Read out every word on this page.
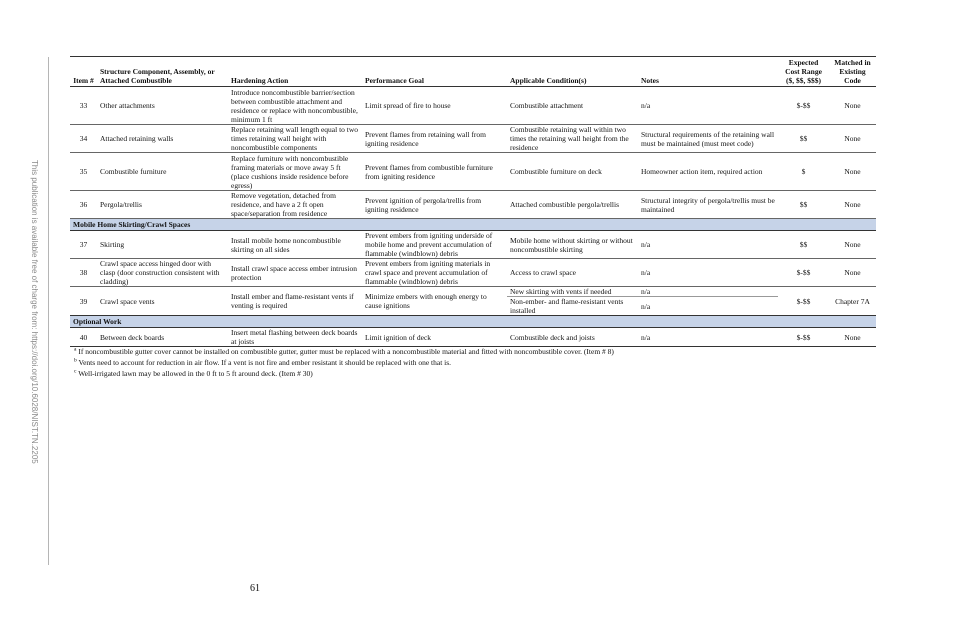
This publication is available free of charge from: https://doi.org/10.6028/NIST.TN.2205
Item #	Structure Component, Assembly, or Attached Combustible	Hardening Action	Performance Goal	Applicable Condition(s)	Notes	Expected Cost Range ($, $$, $$$)	Matched in Existing Code
33	Other attachments	Introduce noncombustible barrier/section between combustible attachment and residence or replace with noncombustible, minimum 1 ft	Limit spread of fire to house	Combustible attachment	n/a	$-$$	None
34	Attached retaining walls	Replace retaining wall length equal to two times retaining wall height with noncombustible components	Prevent flames from retaining wall from igniting residence	Combustible retaining wall within two times the retaining wall height from the residence	Structural requirements of the retaining wall must be maintained (must meet code)	$$	None
35	Combustible furniture	Replace furniture with noncombustible framing materials or move away 5 ft (place cushions inside residence before egress)	Prevent flames from combustible furniture from igniting residence	Combustible furniture on deck	Homeowner action item, required action	$	None
36	Pergola/trellis	Remove vegetation, detached from residence, and have a 2 ft open space/separation from residence	Prevent ignition of pergola/trellis from igniting residence	Attached combustible pergola/trellis	Structural integrity of pergola/trellis must be maintained	$$	None
Mobile Home Skirting/Crawl Spaces							
37	Skirting	Install mobile home noncombustible skirting on all sides	Prevent embers from igniting underside of mobile home and prevent accumulation of flammable (windblown) debris	Mobile home without skirting or without noncombustible skirting	n/a	$$	None
38	Crawl space access hinged door with clasp (door construction consistent with cladding)	Install crawl space access ember intrusion protection	Prevent embers from igniting materials in crawl space and prevent accumulation of flammable (windblown) debris	Access to crawl space	n/a	$-$$	None
39	Crawl space vents	Install ember and flame-resistant vents if venting is required	Minimize embers with enough energy to cause ignitions	New skirting with vents if needed	n/a	$-$$	Chapter 7A
				Non-ember- and flame-resistant vents installed	n/a		
Optional Work							
40	Between deck boards	Insert metal flashing between deck boards at joists	Limit ignition of deck	Combustible deck and joists	n/a	$-$$	None
$^a$ If noncombustible gutter cover cannot be installed on combustible gutter, gutter must be replaced with a noncombustible material and fitted with noncombustible cover. (Item # 8)
$^b$ Vents need to account for reduction in air flow. If a vent is not fire and ember resistant it should be replaced with one that is.
$^c$ Well-irrigated lawn may be allowed in the 0 ft to 5 ft around deck. (Item # 30)
61
